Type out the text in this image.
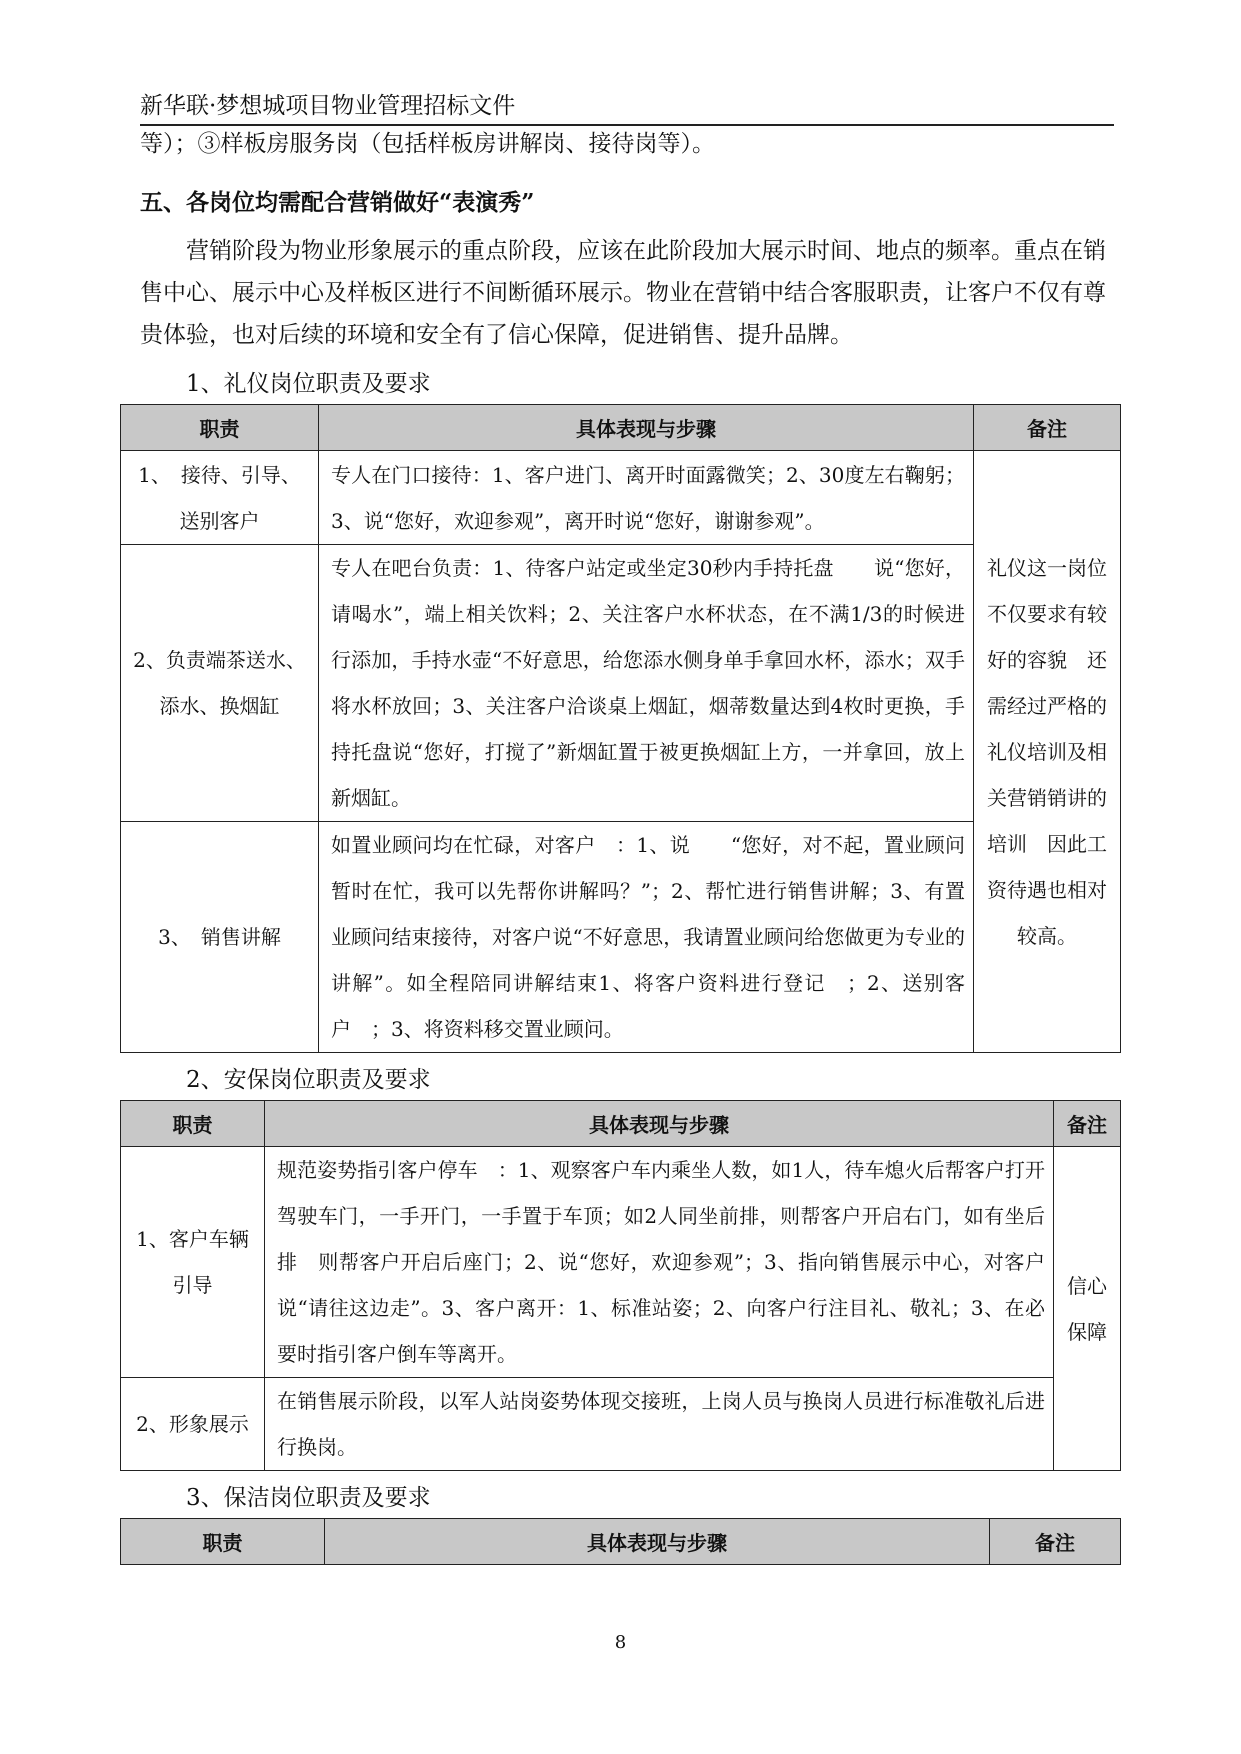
新华联·梦想城项目物业管理招标文件
等）；③样板房服务岗（包括样板房讲解岗、接待岗等）。
五、各岗位均需配合营销做好“表演秀”

营销阶段为物业形象展示的重点阶段，应该在此阶段加大展示时间、地点的频率。重点在销售中心、展示中心及样板区进行不间断循环展示。物业在营销中结合客服职责，让客户不仅有尊贵体验，也对后续的环境和安全有了信心保障，促进销售、提升品牌。

1、礼仪岗位职责及要求
职责	具体表现与步骤	备注
1、　接待、引导、送别客户	专人在门口接待：1、客户进门、离开时面露微笑；2、30度左右鞠躬；3、说“您好，欢迎参观”，离开时说“您好，谢谢参观”。	礼仪这一岗位不仅要求有较好的容貌　还需经过严格的礼仪培训及相关营销销讲的培训　因此工资待遇也相对较高。
2、负责端茶送水、添水、换烟缸	专人在吧台负责：1、待客户站定或坐定30秒内手持托盘　　说“您好，请喝水”，端上相关饮料；2、关注客户水杯状态，在不满1/3的时候进行添加，手持水壶“不好意思，给您添水侧身单手拿回水杯，添水；双手将水杯放回；3、关注客户洽谈桌上烟缸，烟蒂数量达到4枚时更换，手持托盘说“您好，打搅了”新烟缸置于被更换烟缸上方，一并拿回，放上新烟缸。	
3、　销售讲解	如置业顾问均在忙碌，对客户　：1、说　　“您好，对不起，置业顾问暂时在忙，我可以先帮你讲解吗？”；2、帮忙进行销售讲解；3、有置业顾问结束接待，对客户说“不好意思，我请置业顾问给您做更为专业的讲解”。如全程陪同讲解结束1、将客户资料进行登记　；2、送别客户　；3、将资料移交置业顾问。	
2、安保岗位职责及要求
职责	具体表现与步骤	备注
1、客户车辆引导	规范姿势指引客户停车　：1、观察客户车内乘坐人数，如1人，待车熄火后帮客户打开驾驶车门，一手开门，一手置于车顶；如2人同坐前排，则帮客户开启右门，如有坐后排　则帮客户开启后座门；2、说“您好，欢迎参观”；3、指向销售展示中心，对客户说“请往这边走”。3、客户离开：1、标准站姿；2、向客户行注目礼、敬礼；3、在必要时指引客户倒车等离开。	信心保障
2、形象展示	在销售展示阶段，以军人站岗姿势体现交接班，上岗人员与换岗人员进行标准敬礼后进行换岗。	
3、保洁岗位职责及要求
职责	具体表现与步骤	备注
8
